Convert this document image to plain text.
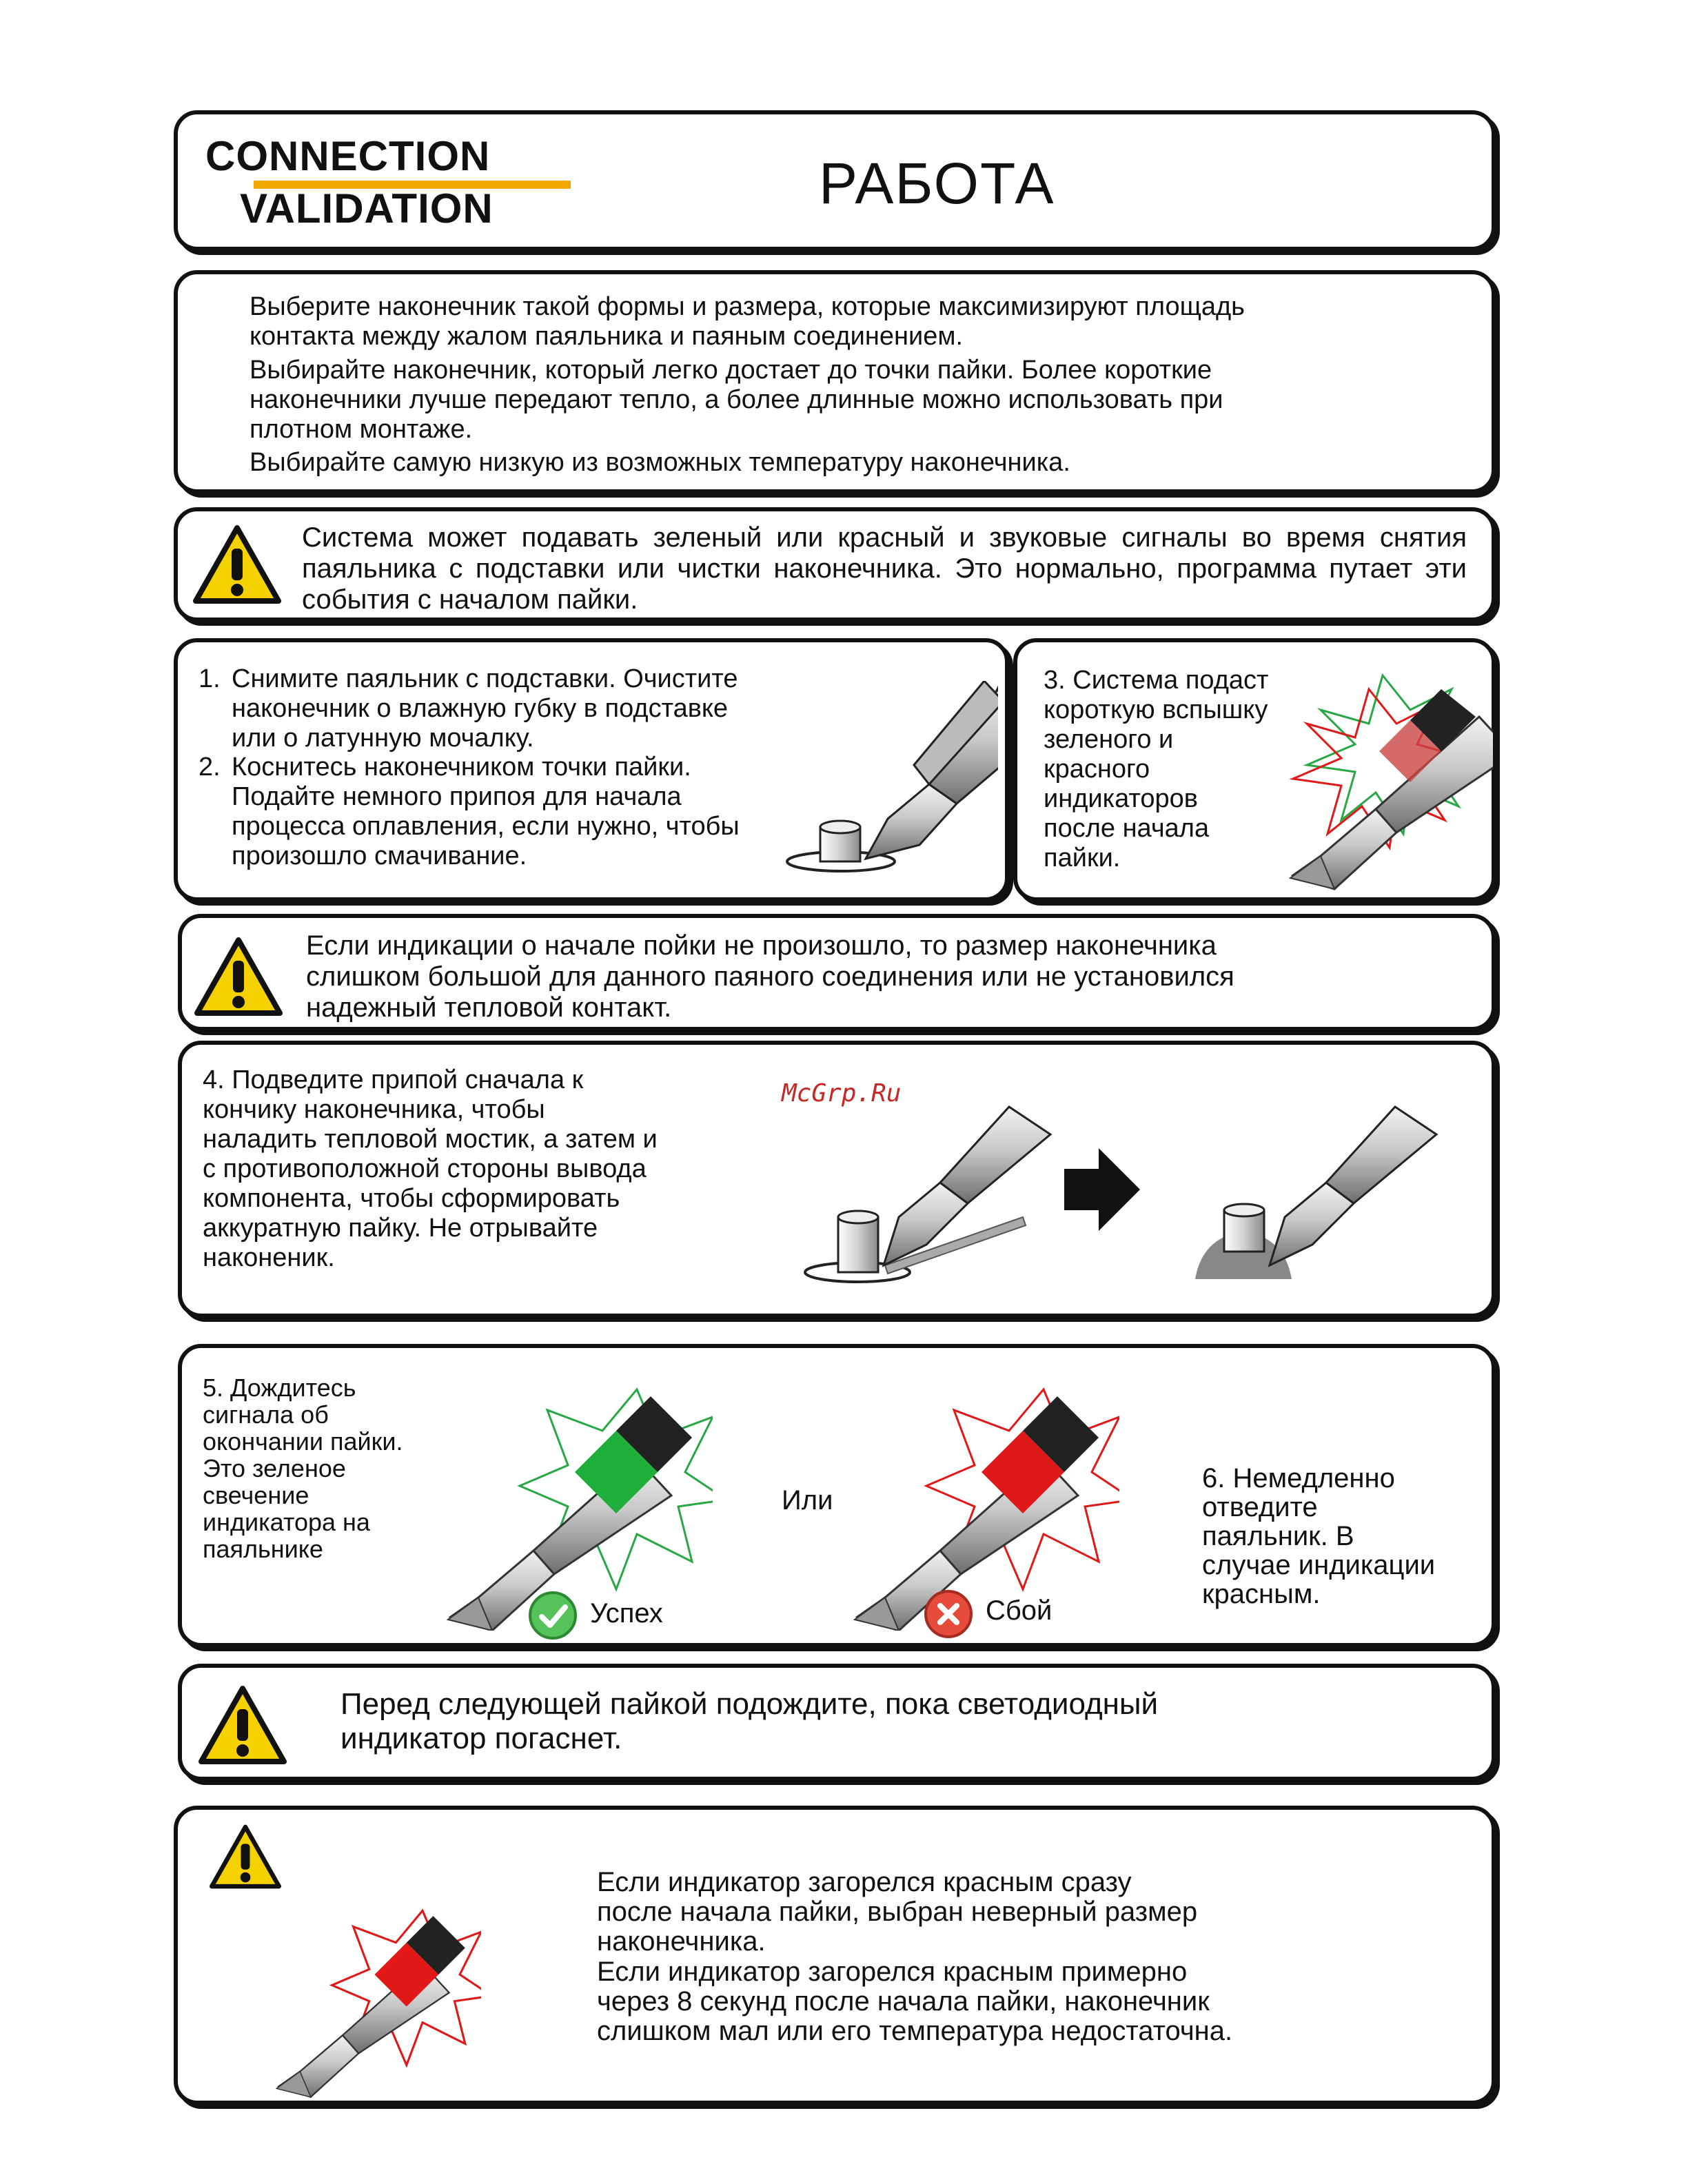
CONNECTION
VALIDATION	РАБОТА
Выберите наконечник такой формы и размера, которые максимизируют площадь
контакта между жалом паяльника и паяным соединением.
Выбирайте наконечник, который легко достает до точки пайки. Более короткие
наконечники лучше передают тепло, а более длинные можно использовать при
плотном монтаже.
Выбирайте самую низкую из возможных температуру наконечника.
Система может подавать зеленый или красный и звуковые сигналы во время снятия паяльника с подставки или чистки наконечника. Это нормально, программа путает эти события с началом пайки.
1. Снимите паяльник с подставки. Очистите
наконечник о влажную губку в подставке
или о латунную мочалку.
2. Коснитесь наконечником точки пайки.
Подайте немного припоя для начала
процесса оплавления, если нужно, чтобы
произошло смачивание.
3. Система подаст
короткую вспышку
зеленого и
красного
индикаторов
после начала
пайки.
Если индикации о начале пойки не произошло, то размер наконечника
слишком большой для данного паяного соединения или не установился
надежный тепловой контакт.
4. Подведите припой сначала к
кончику наконечника, чтобы
наладить тепловой мостик, а затем и
с противоположной стороны вывода
компонента, чтобы сформировать
аккуратную пайку. Не отрывайте
наконеник.
McGrp.Ru
5. Дождитесь
сигнала об
окончании пайки.
Это зеленое
свечение
индикатора на
паяльнике
Успех
Или
Сбой
6. Немедленно
отведите
паяльник. В
случае индикации
красным.
Перед следующей пайкой подождите, пока светодиодный
индикатор погаснет.
Если индикатор загорелся красным сразу
после начала пайки, выбран неверный размер
наконечника.
Если индикатор загорелся красным примерно
через 8 секунд после начала пайки, наконечник
слишком мал или его температура недостаточна.
